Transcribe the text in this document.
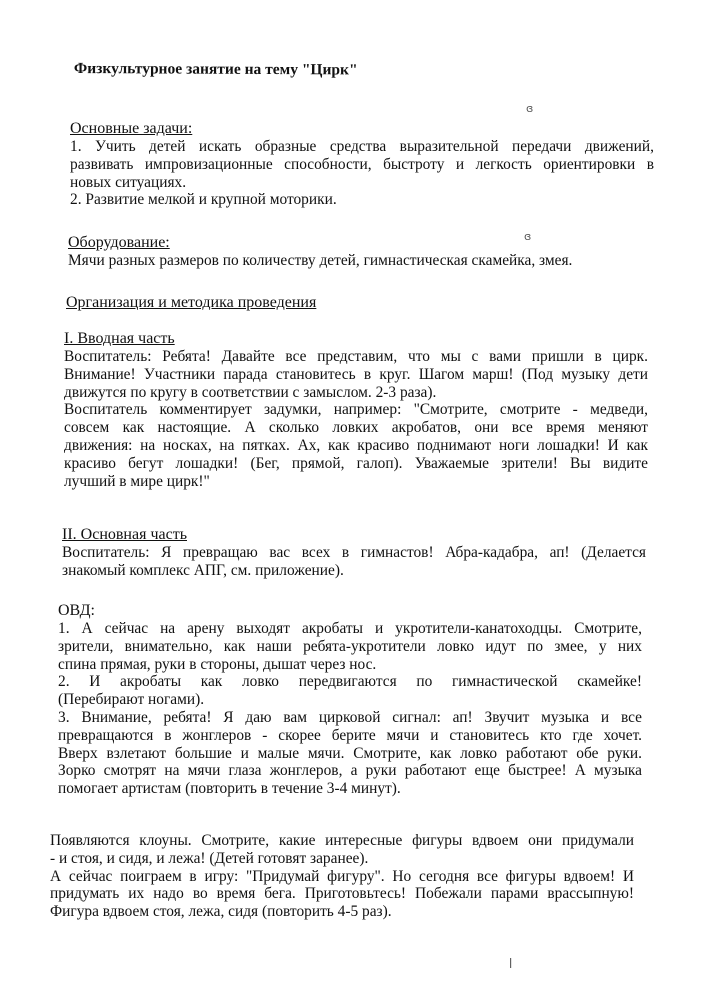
Физкультурное занятие на тему "Цирк"
Основные задачи:
1. Учить детей искать образные средства выразительной передачи движений,
развивать импровизационные способности, быстроту и легкость ориентировки в
новых ситуациях.
2. Развитие мелкой и крупной моторики.
Оборудование:
Мячи разных размеров по количеству детей, гимнастическая скамейка, змея.
Организация и методика проведения
I. Вводная часть
Воспитатель: Ребята! Давайте все представим, что мы с вами пришли в цирк.
Внимание! Участники парада становитесь в круг. Шагом марш! (Под музыку дети
движутся по кругу в соответствии с замыслом. 2-3 раза).
Воспитатель комментирует задумки, например: "Смотрите, смотрите - медведи,
совсем как настоящие. А сколько ловких акробатов, они все время меняют
движения: на носках, на пятках. Ах, как красиво поднимают ноги лошадки! И как
красиво бегут лошадки! (Бег, прямой, галоп). Уважаемые зрители! Вы видите
лучший в мире цирк!"
II. Основная часть
Воспитатель: Я превращаю вас всех в гимнастов! Абра-кадабра, ап! (Делается
знакомый комплекс АПГ, см. приложение).
ОВД:
1. А сейчас на арену выходят акробаты и укротители-канатоходцы. Смотрите,
зрители, внимательно, как наши ребята-укротители ловко идут по змее, у них
спина прямая, руки в стороны, дышат через нос.
2. И акробаты как ловко передвигаются по гимнастической скамейке!
(Перебирают ногами).
3. Внимание, ребята! Я даю вам цирковой сигнал: ап! Звучит музыка и все
превращаются в жонглеров - скорее берите мячи и становитесь кто где хочет.
Вверх взлетают большие и малые мячи. Смотрите, как ловко работают обе руки.
Зорко смотрят на мячи глаза жонглеров, а руки работают еще быстрее! А музыка
помогает артистам (повторить в течение 3-4 минут).
Появляются клоуны. Смотрите, какие интересные фигуры вдвоем они придумали
- и стоя, и сидя, и лежа! (Детей готовят заранее).
А сейчас поиграем в игру: "Придумай фигуру". Но сегодня все фигуры вдвоем! И
придумать их надо во время бега. Приготовьтесь! Побежали парами врассыпную!
Фигура вдвоем стоя, лежа, сидя (повторить 4-5 раз).
ɞ
ɞ
ǀ
